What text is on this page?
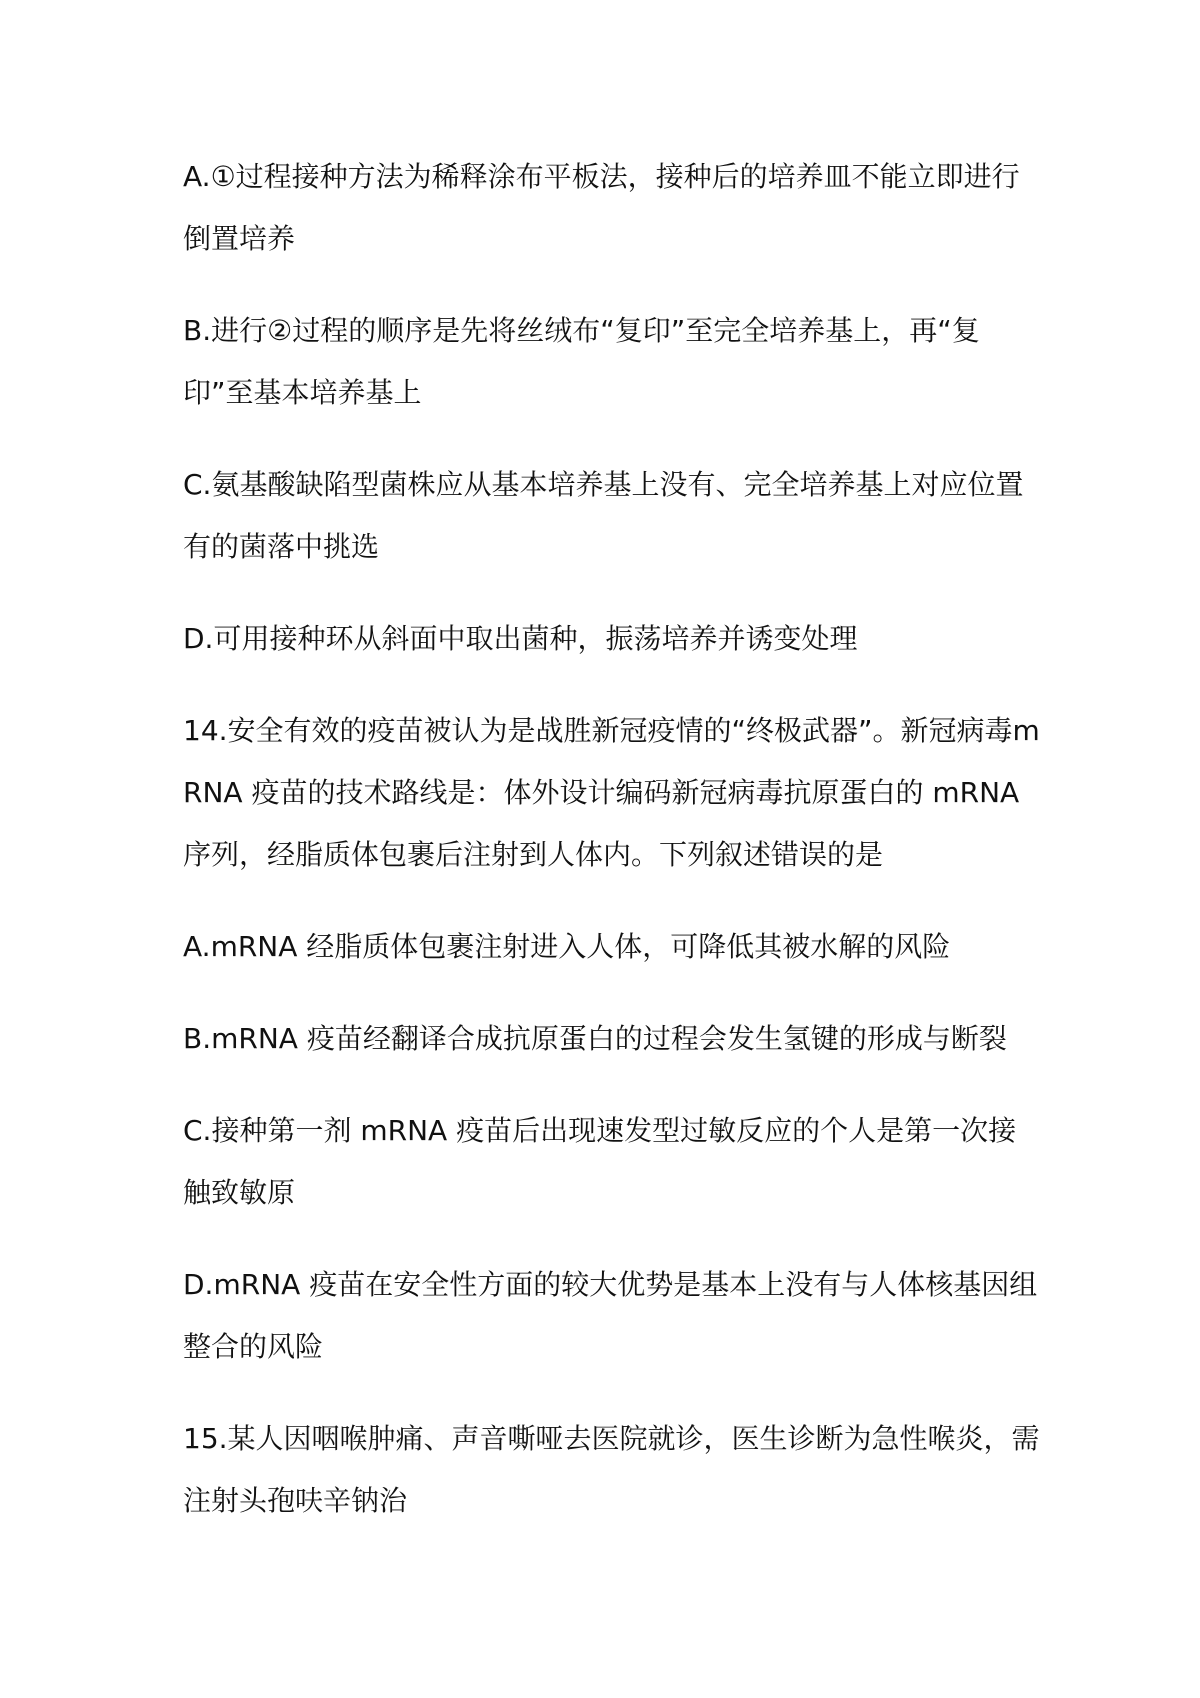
A.①过程接种方法为稀释涂布平板法，接种后的培养皿不能立即进行倒置培养

B.进行②过程的顺序是先将丝绒布“复印”至完全培养基上，再“复印”至基本培养基上

C.氨基酸缺陷型菌株应从基本培养基上没有、完全培养基上对应位置有的菌落中挑选

D.可用接种环从斜面中取出菌种，振荡培养并诱变处理

14.安全有效的疫苗被认为是战胜新冠疫情的“终极武器”。新冠病毒mRNA 疫苗的技术路线是：体外设计编码新冠病毒抗原蛋白的 mRNA序列，经脂质体包裹后注射到人体内。下列叙述错误的是

A.mRNA 经脂质体包裹注射进入人体，可降低其被水解的风险

B.mRNA 疫苗经翻译合成抗原蛋白的过程会发生氢键的形成与断裂

C.接种第一剂 mRNA 疫苗后出现速发型过敏反应的个人是第一次接触致敏原

D.mRNA 疫苗在安全性方面的较大优势是基本上没有与人体核基因组整合的风险

15.某人因咽喉肿痛、声音嘶哑去医院就诊，医生诊断为急性喉炎，需注射头孢呋辛钠治
